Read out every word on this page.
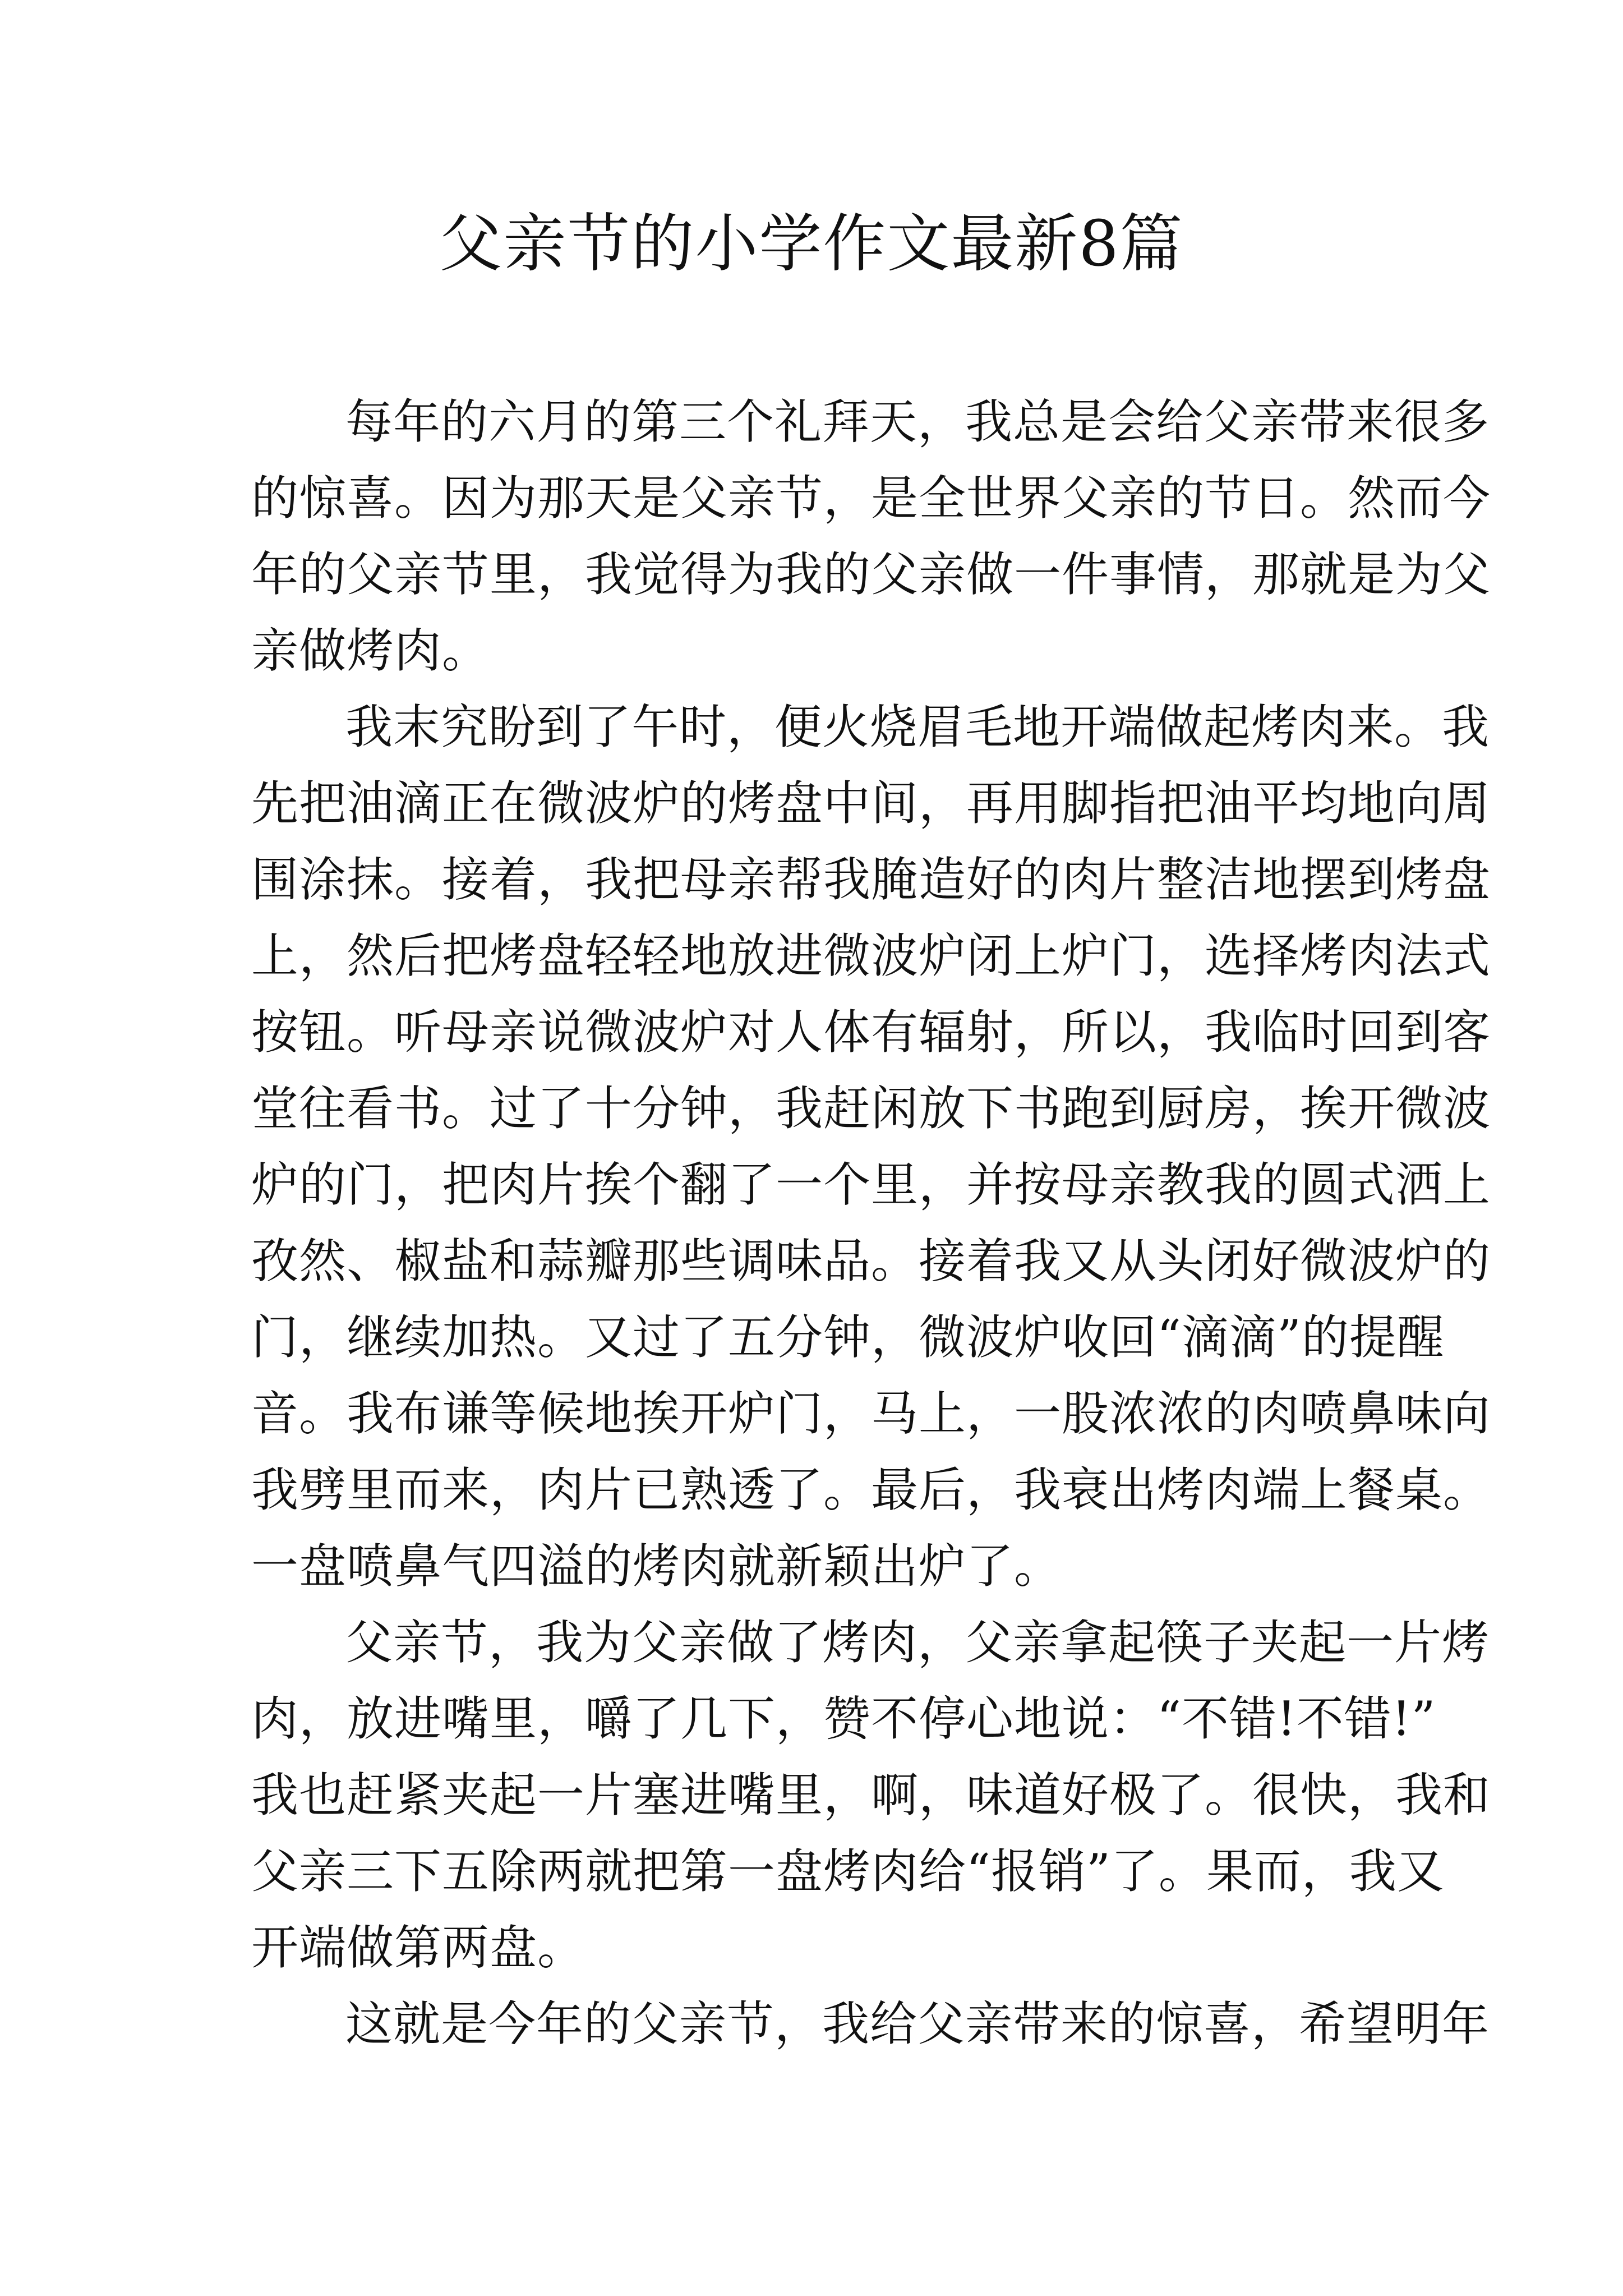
父亲节的小学作文最新8篇
每年的六月的第三个礼拜天，我总是会给父亲带来很多
的惊喜。因为那天是父亲节，是全世界父亲的节日。然而今
年的父亲节里，我觉得为我的父亲做一件事情，那就是为父
亲做烤肉。
我末究盼到了午时，便火烧眉毛地开端做起烤肉来。我
先把油滴正在微波炉的烤盘中间，再用脚指把油平均地向周
围涂抹。接着，我把母亲帮我腌造好的肉片整洁地摆到烤盘
上，然后把烤盘轻轻地放进微波炉闭上炉门，选择烤肉法式
按钮。听母亲说微波炉对人体有辐射，所以，我临时回到客
堂往看书。过了十分钟，我赶闲放下书跑到厨房，挨开微波
炉的门，把肉片挨个翻了一个里，并按母亲教我的圆式洒上
孜然、椒盐和蒜瓣那些调味品。接着我又从头闭好微波炉的
门，继续加热。又过了五分钟，微波炉收回“滴滴”的提醒
音。我布谦等候地挨开炉门，马上，一股浓浓的肉喷鼻味向
我劈里而来，肉片已熟透了。最后，我衰出烤肉端上餐桌。
一盘喷鼻气四溢的烤肉就新颖出炉了。
父亲节，我为父亲做了烤肉，父亲拿起筷子夹起一片烤
肉，放进嘴里，嚼了几下，赞不停心地说：“不错!不错!”
我也赶紧夹起一片塞进嘴里，啊，味道好极了。很快，我和
父亲三下五除两就把第一盘烤肉给“报销”了。果而，我又
开端做第两盘。
这就是今年的父亲节，我给父亲带来的惊喜，希望明年
